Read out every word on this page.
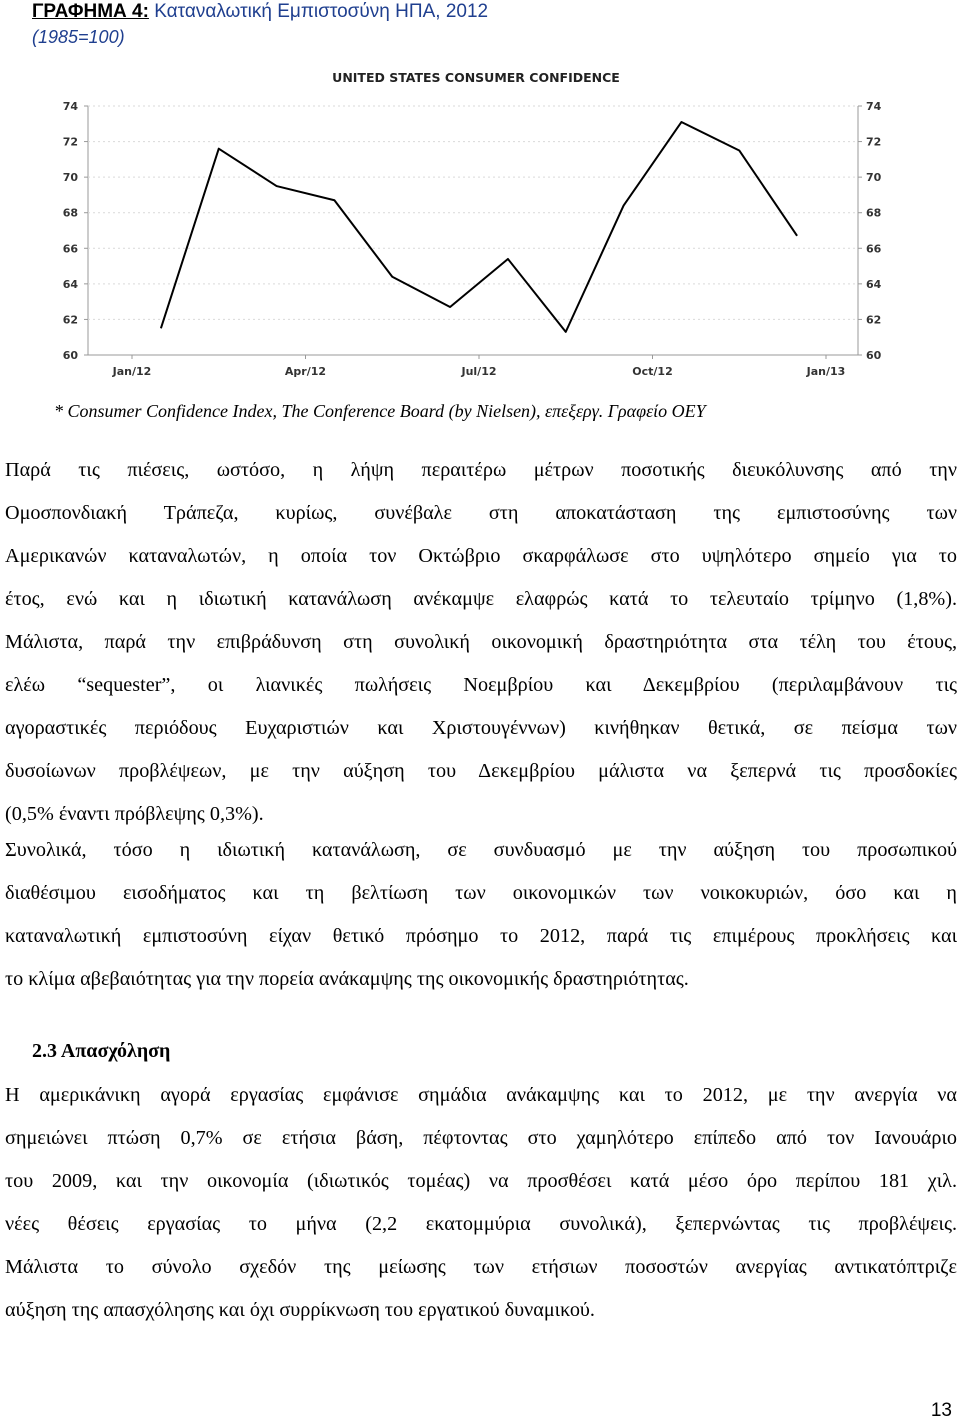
ΓΡΑΦΗΜΑ 4: Καταναλωτική Εμπιστοσύνη ΗΠΑ, 2012
(1985=100)
UNITED STATES CONSUMER CONFIDENCE
60
62
64
66
68
70
72
74
60
62
64
66
68
70
72
74
Jan/12	Apr/12	Jul/12	Oct/12	Jan/13
* Consumer Confidence Index, The Conference Board (by Nielsen), επεξεργ. Γραφείο ΟΕΥ
Παρά τις πιέσεις, ωστόσο, η λήψη περαιτέρω μέτρων ποσοτικής διευκόλυνσης από την
Ομοσπονδιακή Τράπεζα, κυρίως, συνέβαλε στη αποκατάσταση της εμπιστοσύνης των
Αμερικανών καταναλωτών, η οποία τον Οκτώβριο σκαρφάλωσε στο υψηλότερο σημείο για το
έτος, ενώ και η ιδιωτική κατανάλωση ανέκαμψε ελαφρώς κατά το τελευταίο τρίμηνο (1,8%).
Μάλιστα, παρά την επιβράδυνση στη συνολική οικονομική δραστηριότητα στα τέλη του έτους,
ελέω “sequester”, οι λιανικές πωλήσεις Νοεμβρίου και Δεκεμβρίου (περιλαμβάνουν τις
αγοραστικές περιόδους Ευχαριστιών και Χριστουγέννων) κινήθηκαν θετικά, σε πείσμα των
δυσοίωνων προβλέψεων, με την αύξηση του Δεκεμβρίου μάλιστα να ξεπερνά τις προσδοκίες
(0,5% έναντι πρόβλεψης 0,3%).
Συνολικά, τόσο η ιδιωτική κατανάλωση, σε συνδυασμό με την αύξηση του προσωπικού
διαθέσιμου εισοδήματος και τη βελτίωση των οικονομικών των νοικοκυριών, όσο και η
καταναλωτική εμπιστοσύνη είχαν θετικό πρόσημο το 2012, παρά τις επιμέρους προκλήσεις και
το κλίμα αβεβαιότητας για την πορεία ανάκαμψης της οικονομικής δραστηριότητας.
2.3 Απασχόληση
Η αμερικάνικη αγορά εργασίας εμφάνισε σημάδια ανάκαμψης και το 2012, με την ανεργία να
σημειώνει πτώση 0,7% σε ετήσια βάση, πέφτοντας στο χαμηλότερο επίπεδο από τον Ιανουάριο
του 2009, και την οικονομία (ιδιωτικός τομέας) να προσθέσει κατά μέσο όρο περίπου 181 χιλ.
νέες θέσεις εργασίας το μήνα (2,2 εκατομμύρια συνολικά), ξεπερνώντας τις προβλέψεις.
Μάλιστα το σύνολο σχεδόν της μείωσης των ετήσιων ποσοστών ανεργίας αντικατόπτριζε
αύξηση της απασχόλησης και όχι συρρίκνωση του εργατικού δυναμικού.
13
